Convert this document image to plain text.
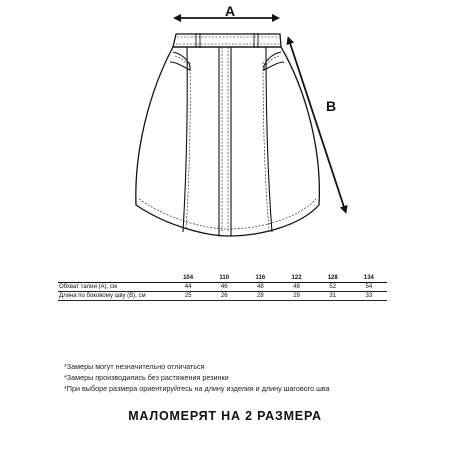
A
B
	104	110	116	122	128	134
Обхват талии (А), см	44	46	48	48	52	54
Длина по боковому шву (В), см	25	26	28	29	31	33
*Замеры могут незначительно отличаться
*Замеры производились без растяжения резинки
*При выборе размера ориентируйтесь на длину изделия и длину шагового шва
МАЛОМЕРЯТ НА 2 РАЗМЕРА
